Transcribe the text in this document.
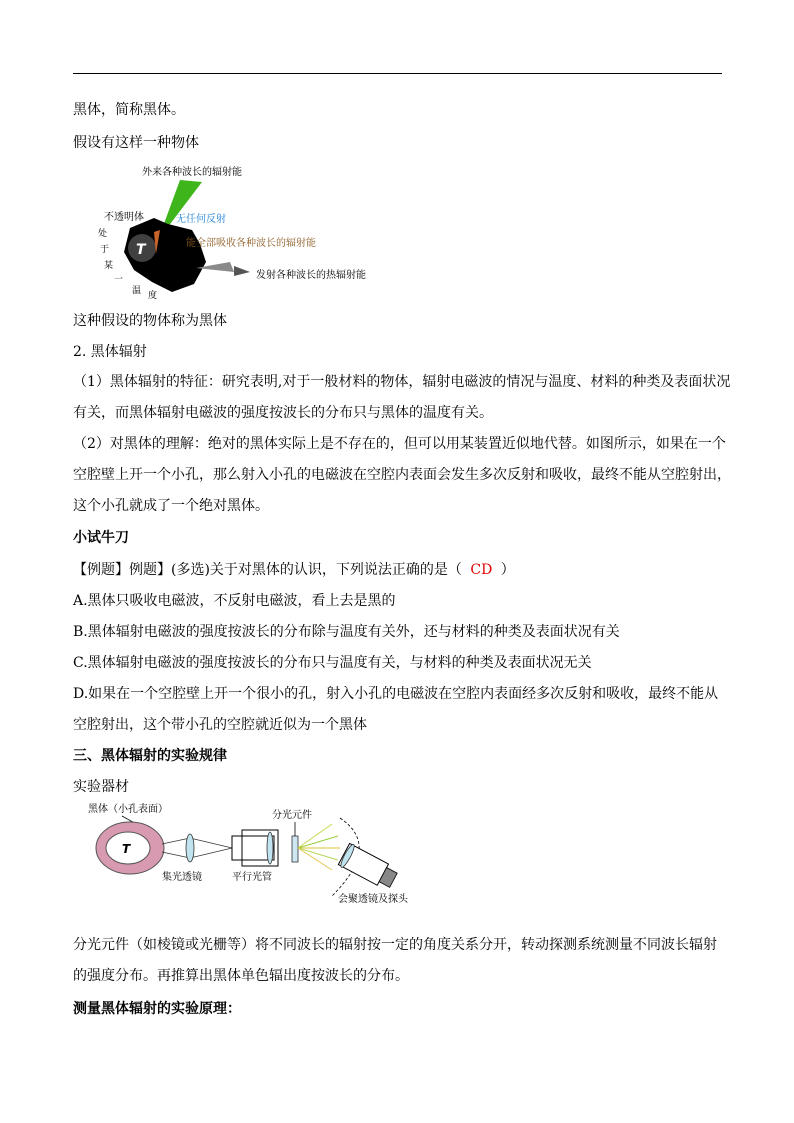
黑体，简称黑体。
假设有这样一种物体
外来各种波长的辐射能
T
不透明体	无任何反射
能全部吸收各种波长的辐射能
发射各种波长的热辐射能
处
于
某
一
温 度
这种假设的物体称为黑体
2. 黑体辐射
（1）黑体辐射的特征：研究表明,对于一般材料的物体，辐射电磁波的情况与温度、材料的种类及表面状况
有关，而黑体辐射电磁波的强度按波长的分布只与黑体的温度有关。
（2）对黑体的理解：绝对的黑体实际上是不存在的，但可以用某装置近似地代替。如图所示，如果在一个
空腔壁上开一个小孔，那么射入小孔的电磁波在空腔内表面会发生多次反射和吸收，最终不能从空腔射出，
这个小孔就成了一个绝对黑体。
小试牛刀
【例题】例题】(多选)关于对黑体的认识，下列说法正确的是（ CD ）
A.黑体只吸收电磁波，不反射电磁波，看上去是黑的
B.黑体辐射电磁波的强度按波长的分布除与温度有关外，还与材料的种类及表面状况有关
C.黑体辐射电磁波的强度按波长的分布只与温度有关，与材料的种类及表面状况无关
D.如果在一个空腔壁上开一个很小的孔，射入小孔的电磁波在空腔内表面经多次反射和吸收，最终不能从
空腔射出，这个带小孔的空腔就近似为一个黑体
三、黑体辐射的实验规律
实验器材
黑体（小孔表面）
T
集光透镜	平行光管
分光元件
会聚透镜及探头
分光元件（如棱镜或光栅等）将不同波长的辐射按一定的角度关系分开，转动探测系统测量不同波长辐射
的强度分布。再推算出黑体单色辐出度按波长的分布。
测量黑体辐射的实验原理：
